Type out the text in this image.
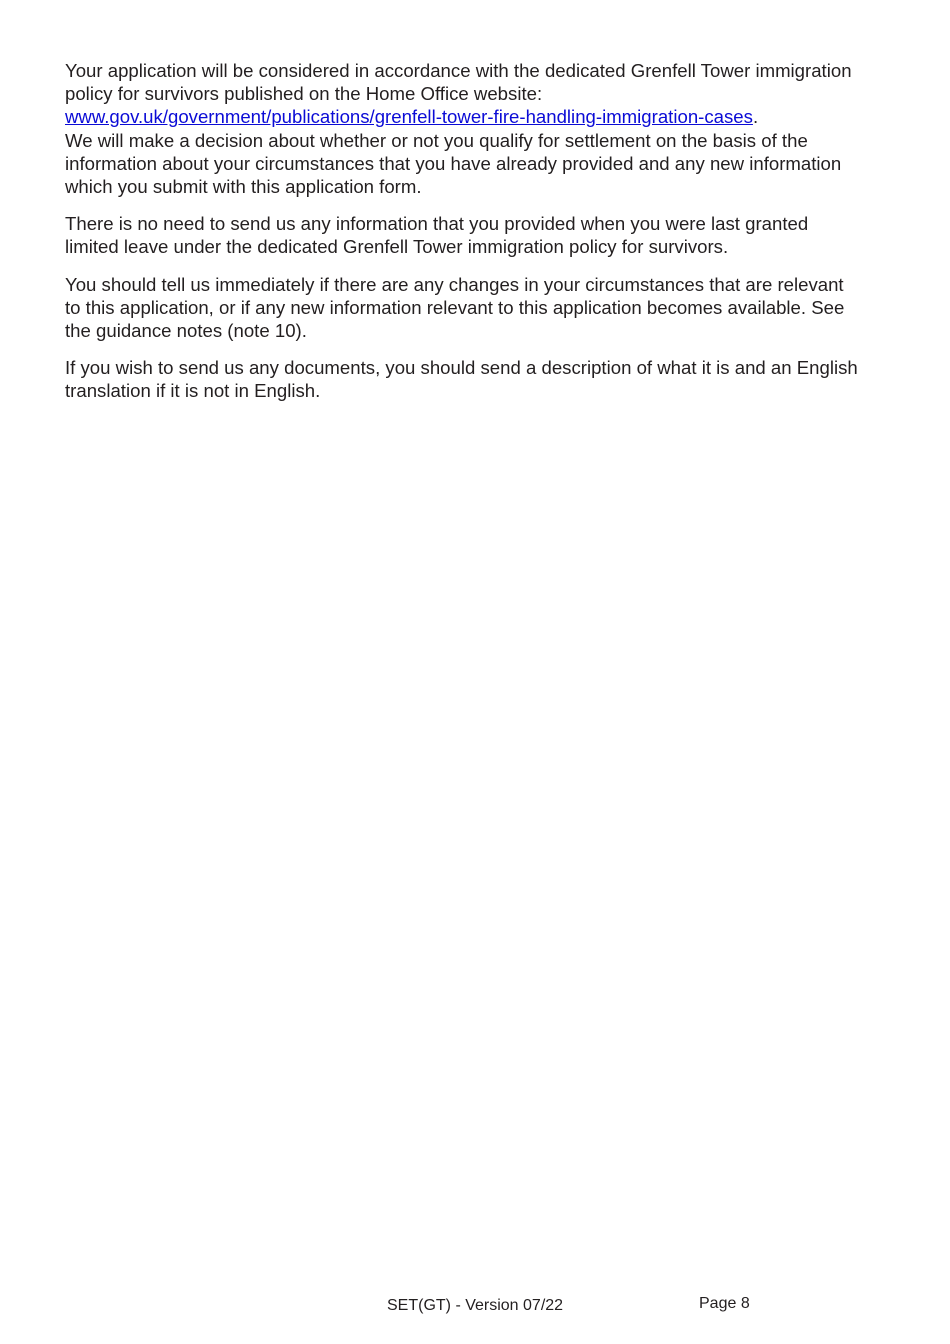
Your application will be considered in accordance with the dedicated Grenfell Tower immigration
policy for survivors published on the Home Office website:
www.gov.uk/government/publications/grenfell-tower-fire-handling-immigration-cases.
We will make a decision about whether or not you qualify for settlement on the basis of the
information about your circumstances that you have already provided and any new information
which you submit with this application form.

There is no need to send us any information that you provided when you were last granted
limited leave under the dedicated Grenfell Tower immigration policy for survivors.

You should tell us immediately if there are any changes in your circumstances that are relevant
to this application, or if any new information relevant to this application becomes available. See
the guidance notes (note 10).

If you wish to send us any documents, you should send a description of what it is and an English
translation if it is not in English.

SET(GT) - Version 07/22	Page 8
